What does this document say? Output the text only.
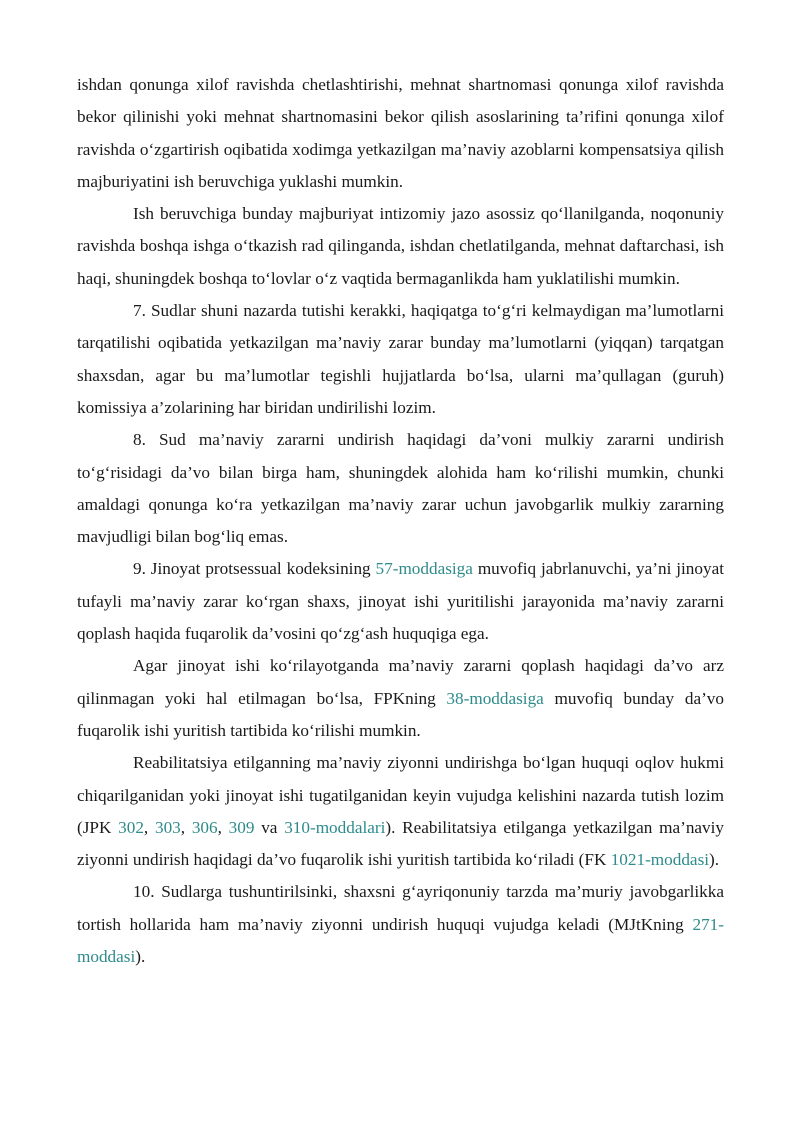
ishdan qonunga xilof ravishda chetlashtirishi, mehnat shartnomasi qonunga xilof ravishda bekor qilinishi yoki mehnat shartnomasini bekor qilish asoslarining ta’rifini qonunga xilof ravishda o‘zgartirish oqibatida xodimga yetkazilgan ma’naviy azoblarni kompensatsiya qilish majburiyatini ish beruvchiga yuklashi mumkin.

Ish beruvchiga bunday majburiyat intizomiy jazo asossiz qo‘llanilganda, noqonuniy ravishda boshqa ishga o‘tkazish rad qilinganda, ishdan chetlatilganda, mehnat daftarchasi, ish haqi, shuningdek boshqa to‘lovlar o‘z vaqtida bermaganlikda ham yuklatilishi mumkin.

7. Sudlar shuni nazarda tutishi kerakki, haqiqatga to‘g‘ri kelmaydigan ma’lumotlarni tarqatilishi oqibatida yetkazilgan ma’naviy zarar bunday ma’lumotlarni (yiqqan) tarqatgan shaxsdan, agar bu ma’lumotlar tegishli hujjatlarda bo‘lsa, ularni ma’qullagan (guruh) komissiya a’zolarining har biridan undirilishi lozim.

8. Sud ma’naviy zararni undirish haqidagi da’voni mulkiy zararni undirish to‘g‘risidagi da’vo bilan birga ham, shuningdek alohida ham ko‘rilishi mumkin, chunki amaldagi qonunga ko‘ra yetkazilgan ma’naviy zarar uchun javobgarlik mulkiy zararning mavjudligi bilan bog‘liq emas.

9. Jinoyat protsessual kodeksining 57-moddasiga muvofiq jabrlanuvchi, ya’ni jinoyat tufayli ma’naviy zarar ko‘rgan shaxs, jinoyat ishi yuritilishi jarayonida ma’naviy zararni qoplash haqida fuqarolik da’vosini qo‘zg‘ash huquqiga ega.

Agar jinoyat ishi ko‘rilayotganda ma’naviy zararni qoplash haqidagi da’vo arz qilinmagan yoki hal etilmagan bo‘lsa, FPKning 38-moddasiga muvofiq bunday da’vo fuqarolik ishi yuritish tartibida ko‘rilishi mumkin.

Reabilitatsiya etilganning ma’naviy ziyonni undirishga bo‘lgan huquqi oqlov hukmi chiqarilganidan yoki jinoyat ishi tugatilganidan keyin vujudga kelishini nazarda tutish lozim (JPK 302, 303, 306, 309 va 310-moddalari). Reabilitatsiya etilganga yetkazilgan ma’naviy ziyonni undirish haqidagi da’vo fuqarolik ishi yuritish tartibida ko‘riladi (FK 1021-moddasi).

10. Sudlarga tushuntirilsinki, shaxsni g‘ayriqonuniy tarzda ma’muriy javobgarlikka tortish hollarida ham ma’naviy ziyonni undirish huquqi vujudga keladi (MJtKning 271-moddasi).
